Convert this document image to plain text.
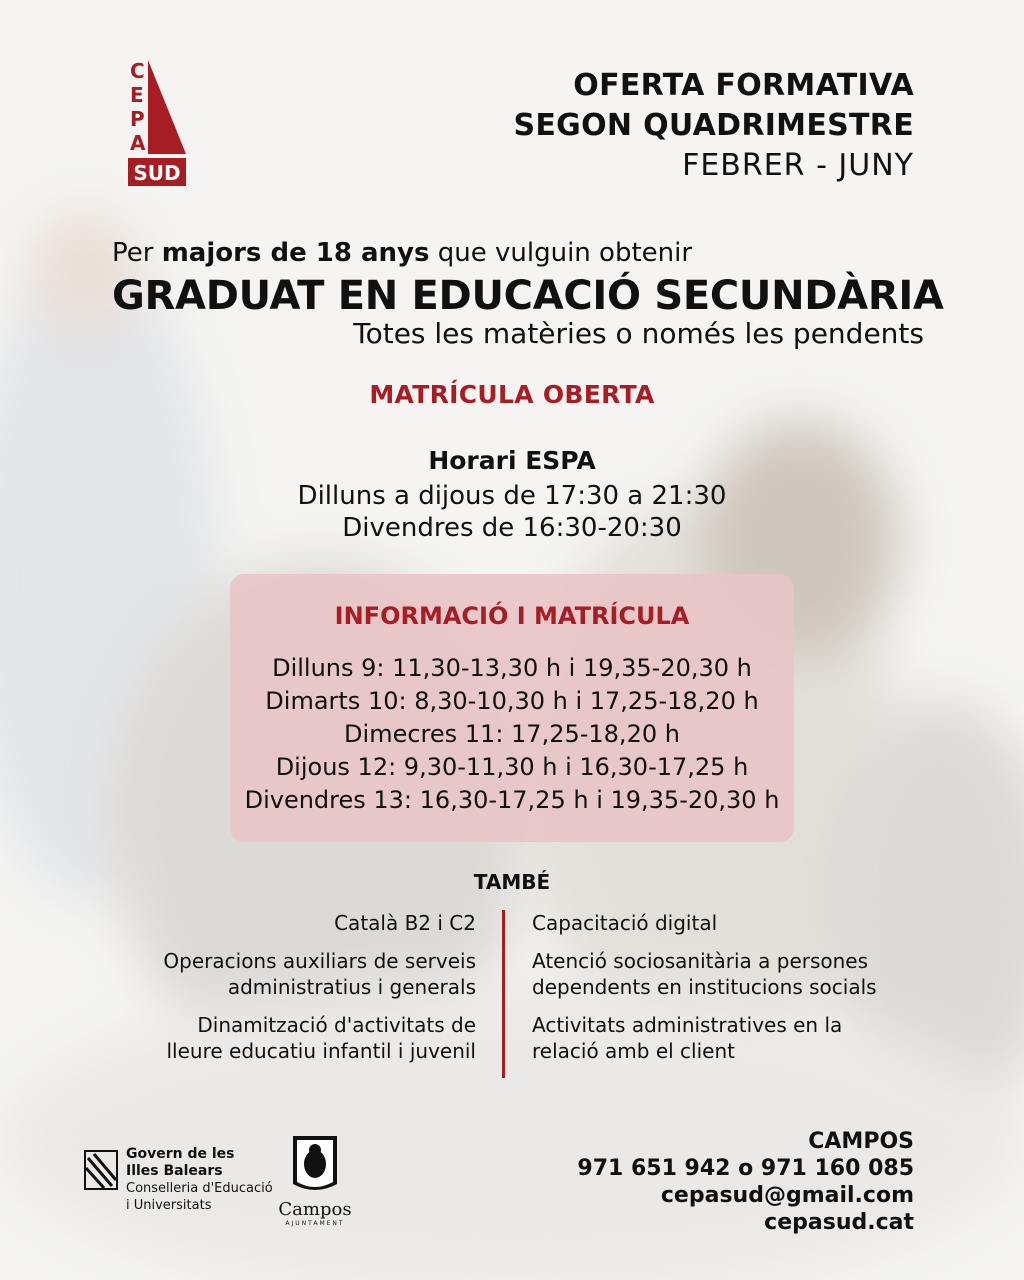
C
E
P
A
SUD
OFERTA FORMATIVA
SEGON QUADRIMESTRE
FEBRER - JUNY
Per majors de 18 anys que vulguin obtenir
GRADUAT EN EDUCACIÓ SECUNDÀRIA
Totes les matèries o només les pendents
MATRÍCULA OBERTA
Horari ESPA
Dilluns a dijous de 17:30 a 21:30
Divendres de 16:30-20:30
INFORMACIÓ I MATRÍCULA
Dilluns 9: 11,30-13,30 h i 19,35-20,30 h
Dimarts 10: 8,30-10,30 h i 17,25-18,20 h
Dimecres 11: 17,25-18,20 h
Dijous 12: 9,30-11,30 h i 16,30-17,25 h
Divendres 13: 16,30-17,25 h i 19,35-20,30 h
TAMBÉ
Català B2 i C2
Operacions auxiliars de serveis
administratius i generals
Dinamització d'activitats de
lleure educatiu infantil i juvenil
Capacitació digital
Atenció sociosanitària a persones
dependents en institucions socials
Activitats administratives en la
relació amb el client
Govern de les
Illes Balears
Conselleria d'Educació
i Universitats	Campos
AJUNTAMENT
CAMPOS
971 651 942 o 971 160 085
cepasud@gmail.com
cepasud.cat
